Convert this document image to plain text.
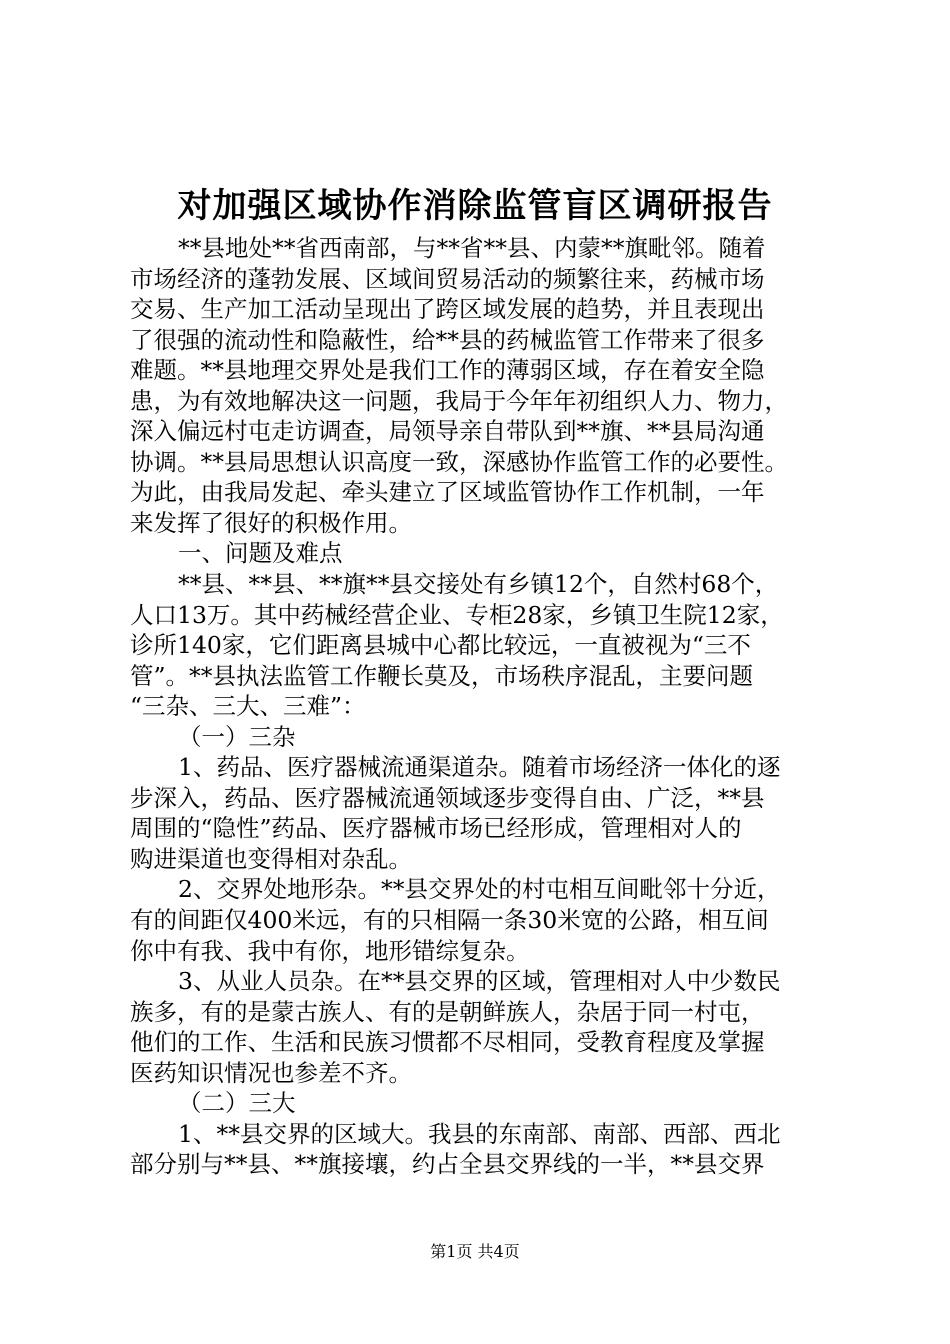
对加强区域协作消除监管盲区调研报告
**县地处**省西南部，与**省**县、内蒙**旗毗邻。随着
市场经济的蓬勃发展、区域间贸易活动的频繁往来，药械市场
交易、生产加工活动呈现出了跨区域发展的趋势，并且表现出
了很强的流动性和隐蔽性，给**县的药械监管工作带来了很多
难题。**县地理交界处是我们工作的薄弱区域，存在着安全隐
患，为有效地解决这一问题，我局于今年年初组织人力、物力，
深入偏远村屯走访调查，局领导亲自带队到**旗、**县局沟通
协调。**县局思想认识高度一致，深感协作监管工作的必要性。
为此，由我局发起、牵头建立了区域监管协作工作机制，一年
来发挥了很好的积极作用。
一、问题及难点
**县、**县、**旗**县交接处有乡镇12个，自然村68个，
人口13万。其中药械经营企业、专柜28家，乡镇卫生院12家，
诊所140家，它们距离县城中心都比较远，一直被视为“三不
管”。**县执法监管工作鞭长莫及，市场秩序混乱，主要问题
“三杂、三大、三难”：
（一）三杂
1、药品、医疗器械流通渠道杂。随着市场经济一体化的逐
步深入，药品、医疗器械流通领域逐步变得自由、广泛，**县
周围的“隐性”药品、医疗器械市场已经形成，管理相对人的
购进渠道也变得相对杂乱。
2、交界处地形杂。**县交界处的村屯相互间毗邻十分近，
有的间距仅400米远，有的只相隔一条30米宽的公路，相互间
你中有我、我中有你，地形错综复杂。
3、从业人员杂。在**县交界的区域，管理相对人中少数民
族多，有的是蒙古族人、有的是朝鲜族人，杂居于同一村屯，
他们的工作、生活和民族习惯都不尽相同，受教育程度及掌握
医药知识情况也参差不齐。
（二）三大
1、**县交界的区域大。我县的东南部、南部、西部、西北
部分别与**县、**旗接壤，约占全县交界线的一半，**县交界
第1页 共4页
